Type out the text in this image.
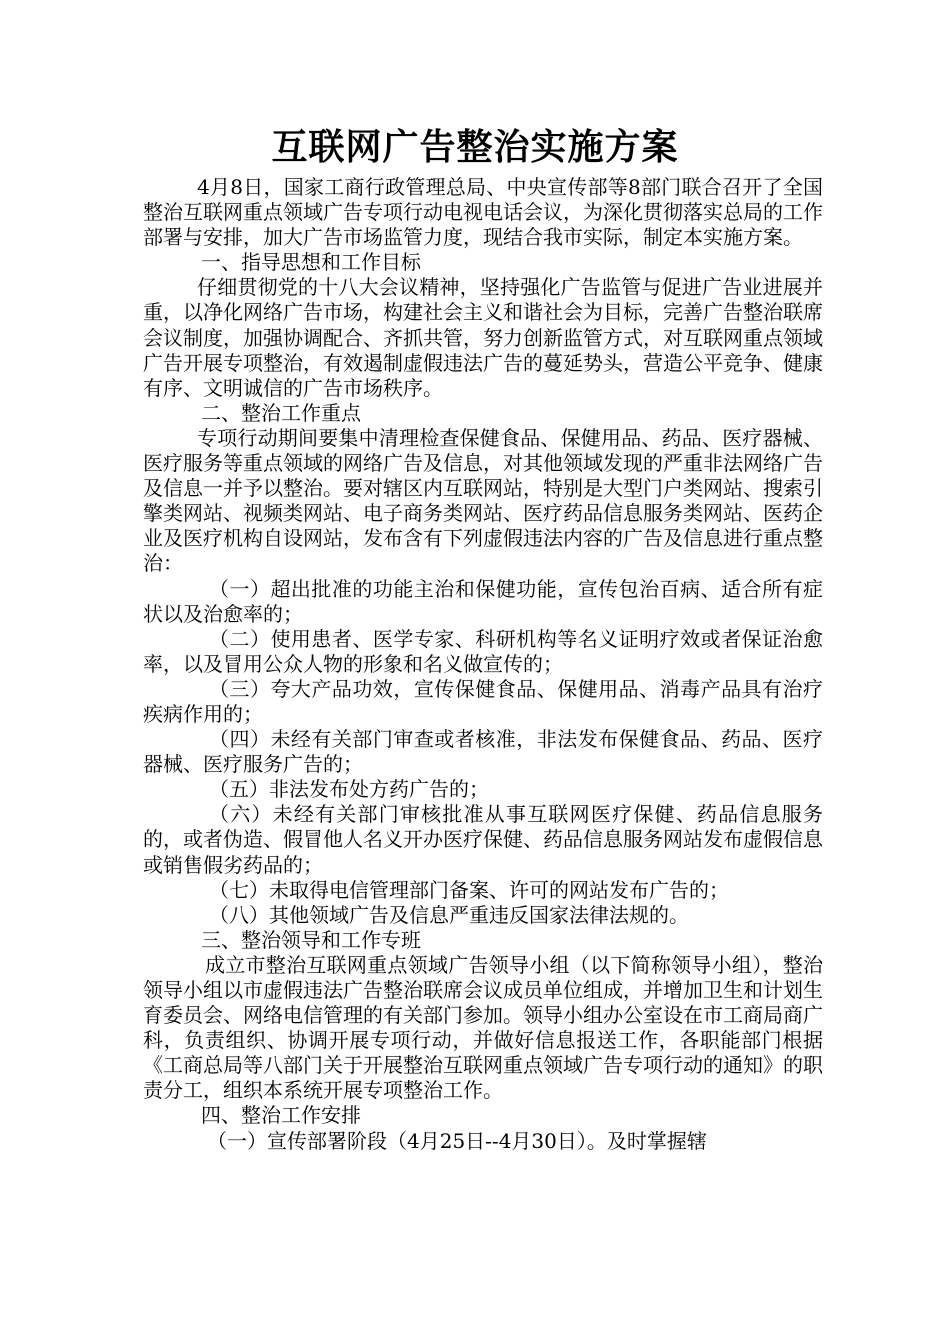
互联网广告整治实施方案

4月8日，国家工商行政管理总局、中央宣传部等8部门联合召开了全国整治互联网重点领域广告专项行动电视电话会议，为深化贯彻落实总局的工作部署与安排，加大广告市场监管力度，现结合我市实际，制定本实施方案。

一、指导思想和工作目标

仔细贯彻党的十八大会议精神，坚持强化广告监管与促进广告业进展并重，以净化网络广告市场，构建社会主义和谐社会为目标，完善广告整治联席会议制度，加强协调配合、齐抓共管，努力创新监管方式，对互联网重点领域广告开展专项整治，有效遏制虚假违法广告的蔓延势头，营造公平竞争、健康有序、文明诚信的广告市场秩序。

二、整治工作重点

专项行动期间要集中清理检查保健食品、保健用品、药品、医疗器械、医疗服务等重点领域的网络广告及信息，对其他领域发现的严重非法网络广告及信息一并予以整治。要对辖区内互联网站，特别是大型门户类网站、搜索引擎类网站、视频类网站、电子商务类网站、医疗药品信息服务类网站、医药企业及医疗机构自设网站，发布含有下列虚假违法内容的广告及信息进行重点整治：

（一）超出批准的功能主治和保健功能，宣传包治百病、适合所有症状以及治愈率的；

（二）使用患者、医学专家、科研机构等名义证明疗效或者保证治愈率，以及冒用公众人物的形象和名义做宣传的；

（三）夸大产品功效，宣传保健食品、保健用品、消毒产品具有治疗疾病作用的；

（四）未经有关部门审查或者核准，非法发布保健食品、药品、医疗器械、医疗服务广告的；

（五）非法发布处方药广告的；

（六）未经有关部门审核批准从事互联网医疗保健、药品信息服务的，或者伪造、假冒他人名义开办医疗保健、药品信息服务网站发布虚假信息或销售假劣药品的；

（七）未取得电信管理部门备案、许可的网站发布广告的；

（八）其他领域广告及信息严重违反国家法律法规的。

三、整治领导和工作专班

成立市整治互联网重点领域广告领导小组（以下简称领导小组），整治领导小组以市虚假违法广告整治联席会议成员单位组成，并增加卫生和计划生育委员会、网络电信管理的有关部门参加。领导小组办公室设在市工商局商广科，负责组织、协调开展专项行动，并做好信息报送工作，各职能部门根据《工商总局等八部门关于开展整治互联网重点领域广告专项行动的通知》的职责分工，组织本系统开展专项整治工作。

四、整治工作安排

（一）宣传部署阶段（4月25日--4月30日）。及时掌握辖
